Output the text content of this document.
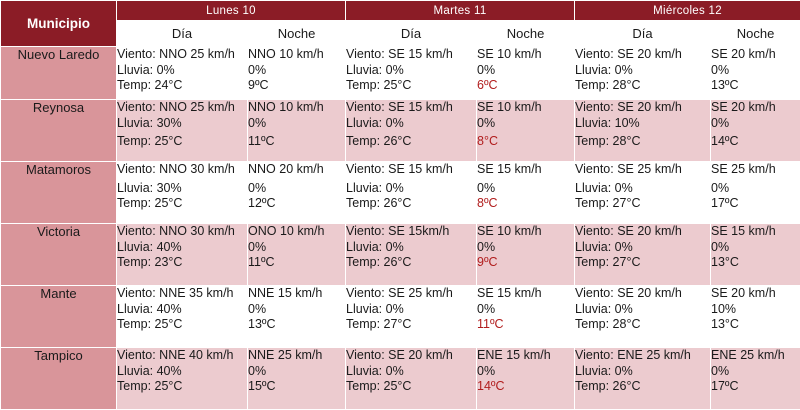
Municipio	Lunes 10		Martes 11		Miércoles 12	
	Día	Noche	Día	Noche	Día	Noche
Nuevo Laredo	Viento: NNO 25 km/h
Lluvia: 0%
Temp: 24°C	NNO 10 km/h
0%
9ºC	Viento: SE 15 km/h
Lluvia: 0%
Temp: 25°C	SE 10 km/h
0%
6ºC	Viento: SE 20 km/h
Lluvia: 0%
Temp: 28°C	SE 20 km/h
0%
13ºC

Reynosa	Viento: NNO 25 km/h
Lluvia: 30%
Temp: 25°C	NNO 10 km/h
0%
11ºC	Viento: SE 15 km/h
Lluvia: 0%
Temp: 26°C	SE 10 km/h
0%
8°C	Viento: SE 20 km/h
Lluvia: 10%
Temp: 28°C	SE 20 km/h
0%
14ºC

Matamoros	Viento: NNO 30 km/h
Lluvia: 30%
Temp: 25°C	NNO 20 km/h
0%
12ºC	Viento: SE 15 km/h
Lluvia: 0%
Temp: 26°C	SE 15 km/h
0%
8ºC	Viento: SE 25 km/h
Lluvia: 0%
Temp: 27°C	SE 25 km/h
0%
17ºC

Victoria	Viento: NNO 30 km/h
Lluvia: 40%
Temp: 23°C	ONO 10 km/h
0%
11ºC	Viento: SE 15km/h
Lluvia: 0%
Temp: 26°C	SE 10 km/h
0%
9ºC	Viento: SE 20 km/h
Lluvia: 0%
Temp: 27°C	SE 15 km/h
0%
13°C

Mante	Viento: NNE 35 km/h
Lluvia: 40%
Temp: 25°C	NNE 15 km/h
0%
13ºC	Viento: SE 25 km/h
Lluvia: 0%
Temp: 27°C	SE 15 km/h
0%
11ºC	Viento: SE 20 km/h
Lluvia: 0%
Temp: 28°C	SE 20 km/h
10%
13°C

Tampico	Viento: NNE 40 km/h
Lluvia: 40%
Temp: 25°C	NNE 25 km/h
0%
15ºC	Viento: SE 20 km/h
Lluvia: 0%
Temp: 25°C	ENE 15 km/h
0%
14ºC	Viento: ENE 25 km/h
Lluvia: 0%
Temp: 26°C	ENE 25 km/h
0%
17ºC
